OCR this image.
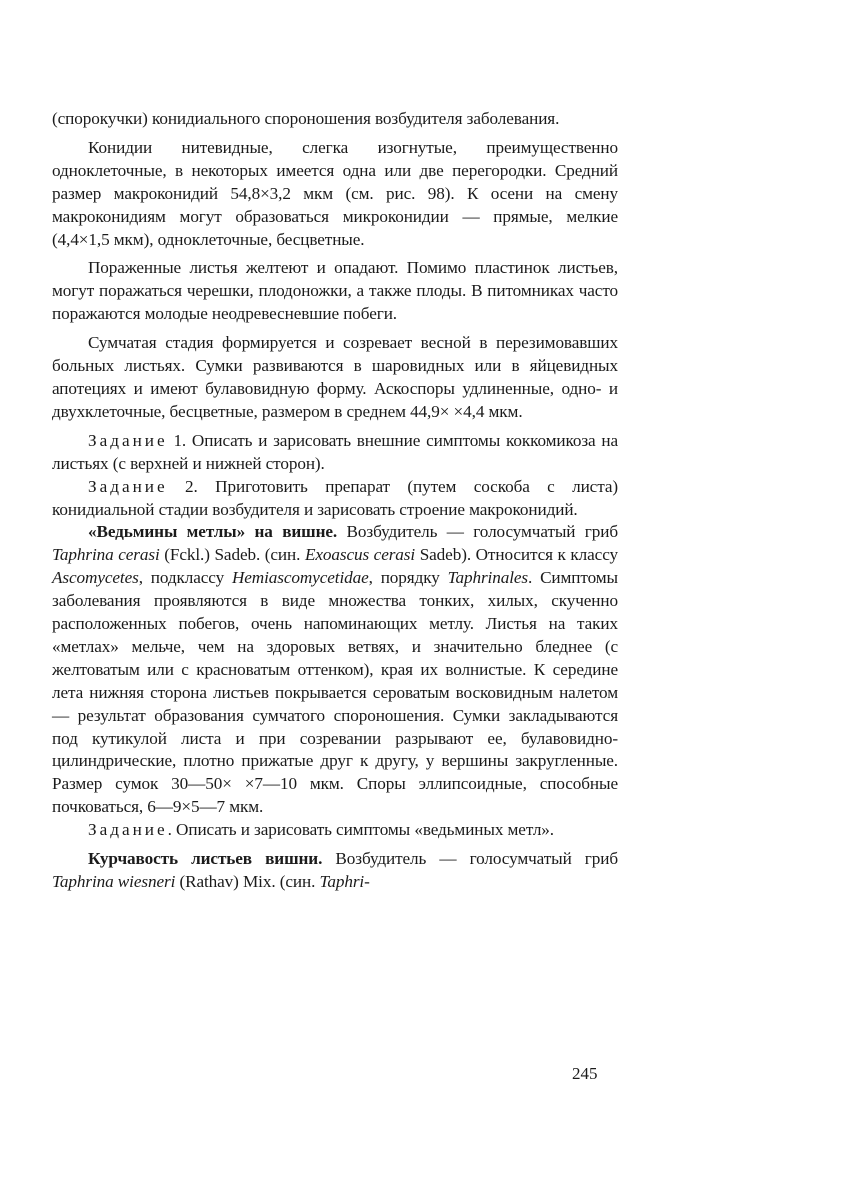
(спорокучки) конидиального спороношения возбудителя заболевания.

Конидии нитевидные, слегка изогнутые, преимущественно одноклеточные, в некоторых имеется одна или две перегородки. Средний размер макроконидий 54,8×3,2 мкм (см. рис. 98). К осени на смену макроконидиям могут образоваться микроконидии — прямые, мелкие (4,4×1,5 мкм), одноклеточные, бесцветные.

Пораженные листья желтеют и опадают. Помимо пластинок листьев, могут поражаться черешки, плодоножки, а также плоды. В питомниках часто поражаются молодые неодревесневшие побеги.

Сумчатая стадия формируется и созревает весной в перезимовавших больных листьях. Сумки развиваются в шаровидных или в яйцевидных апотециях и имеют булавовидную форму. Аскоспоры удлиненные, одно- и двухклеточные, бесцветные, размером в среднем 44,9× ×4,4 мкм.

Задание 1. Описать и зарисовать внешние симптомы коккомикоза на листьях (с верхней и нижней сторон).

Задание 2. Приготовить препарат (путем соскоба с листа) конидиальной стадии возбудителя и зарисовать строение макроконидий.

«Ведьмины метлы» на вишне. Возбудитель — голосумчатый гриб Taphrina cerasi (Fckl.) Sadeb. (син. Exoascus cerasi Sadeb). Относится к классу Ascomycetes, подклассу Hemiascomycetidae, порядку Taphrinales. Симптомы заболевания проявляются в виде множества тонких, хилых, скученно расположенных побегов, очень напоминающих метлу. Листья на таких «метлах» мельче, чем на здоровых ветвях, и значительно бледнее (с желтоватым или с красноватым оттенком), края их волнистые. К середине лета нижняя сторона листьев покрывается сероватым восковидным налетом — результат образования сумчатого спороношения. Сумки закладываются под кутикулой листа и при созревании разрывают ее, булавовидно-цилиндрические, плотно прижатые друг к другу, у вершины закругленные. Размер сумок 30—50× ×7—10 мкм. Споры эллипсоидные, способные почковаться, 6—9×5—7 мкм.

Задание. Описать и зарисовать симптомы «ведьминых метл».

Курчавость листьев вишни. Возбудитель — голосумчатый гриб Taphrina wiesneri (Rathav) Mix. (син. Taphri-

245
